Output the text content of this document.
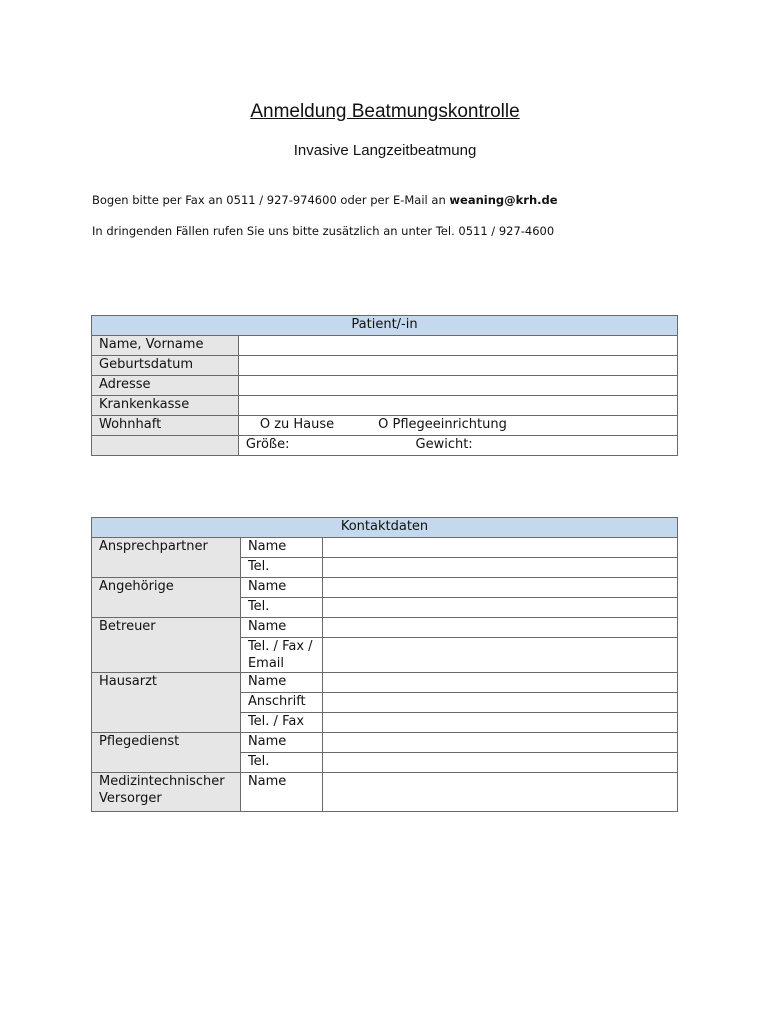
Anmeldung Beatmungskontrolle
Invasive Langzeitbeatmung
Bogen bitte per Fax an 0511 / 927-974600 oder per E-Mail an weaning@krh.de
In dringenden Fällen rufen Sie uns bitte zusätzlich an unter Tel. 0511 / 927-4600
Patient/-in	
Name, Vorname	
Geburtsdatum	
Adresse	
Krankenkasse	
Wohnhaft	O zu Hause O Pflegeeinrichtung
	Größe: Gewicht:
Kontaktdaten		
Ansprechpartner	Name	
	Tel.	
Angehörige	Name	
	Tel.	
Betreuer	Name	
	Tel. / Fax / Email	
Hausarzt	Name	
	Anschrift	
	Tel. / Fax	
Pflegedienst	Name	
	Tel.	
Medizintechnischer Versorger	Name	
